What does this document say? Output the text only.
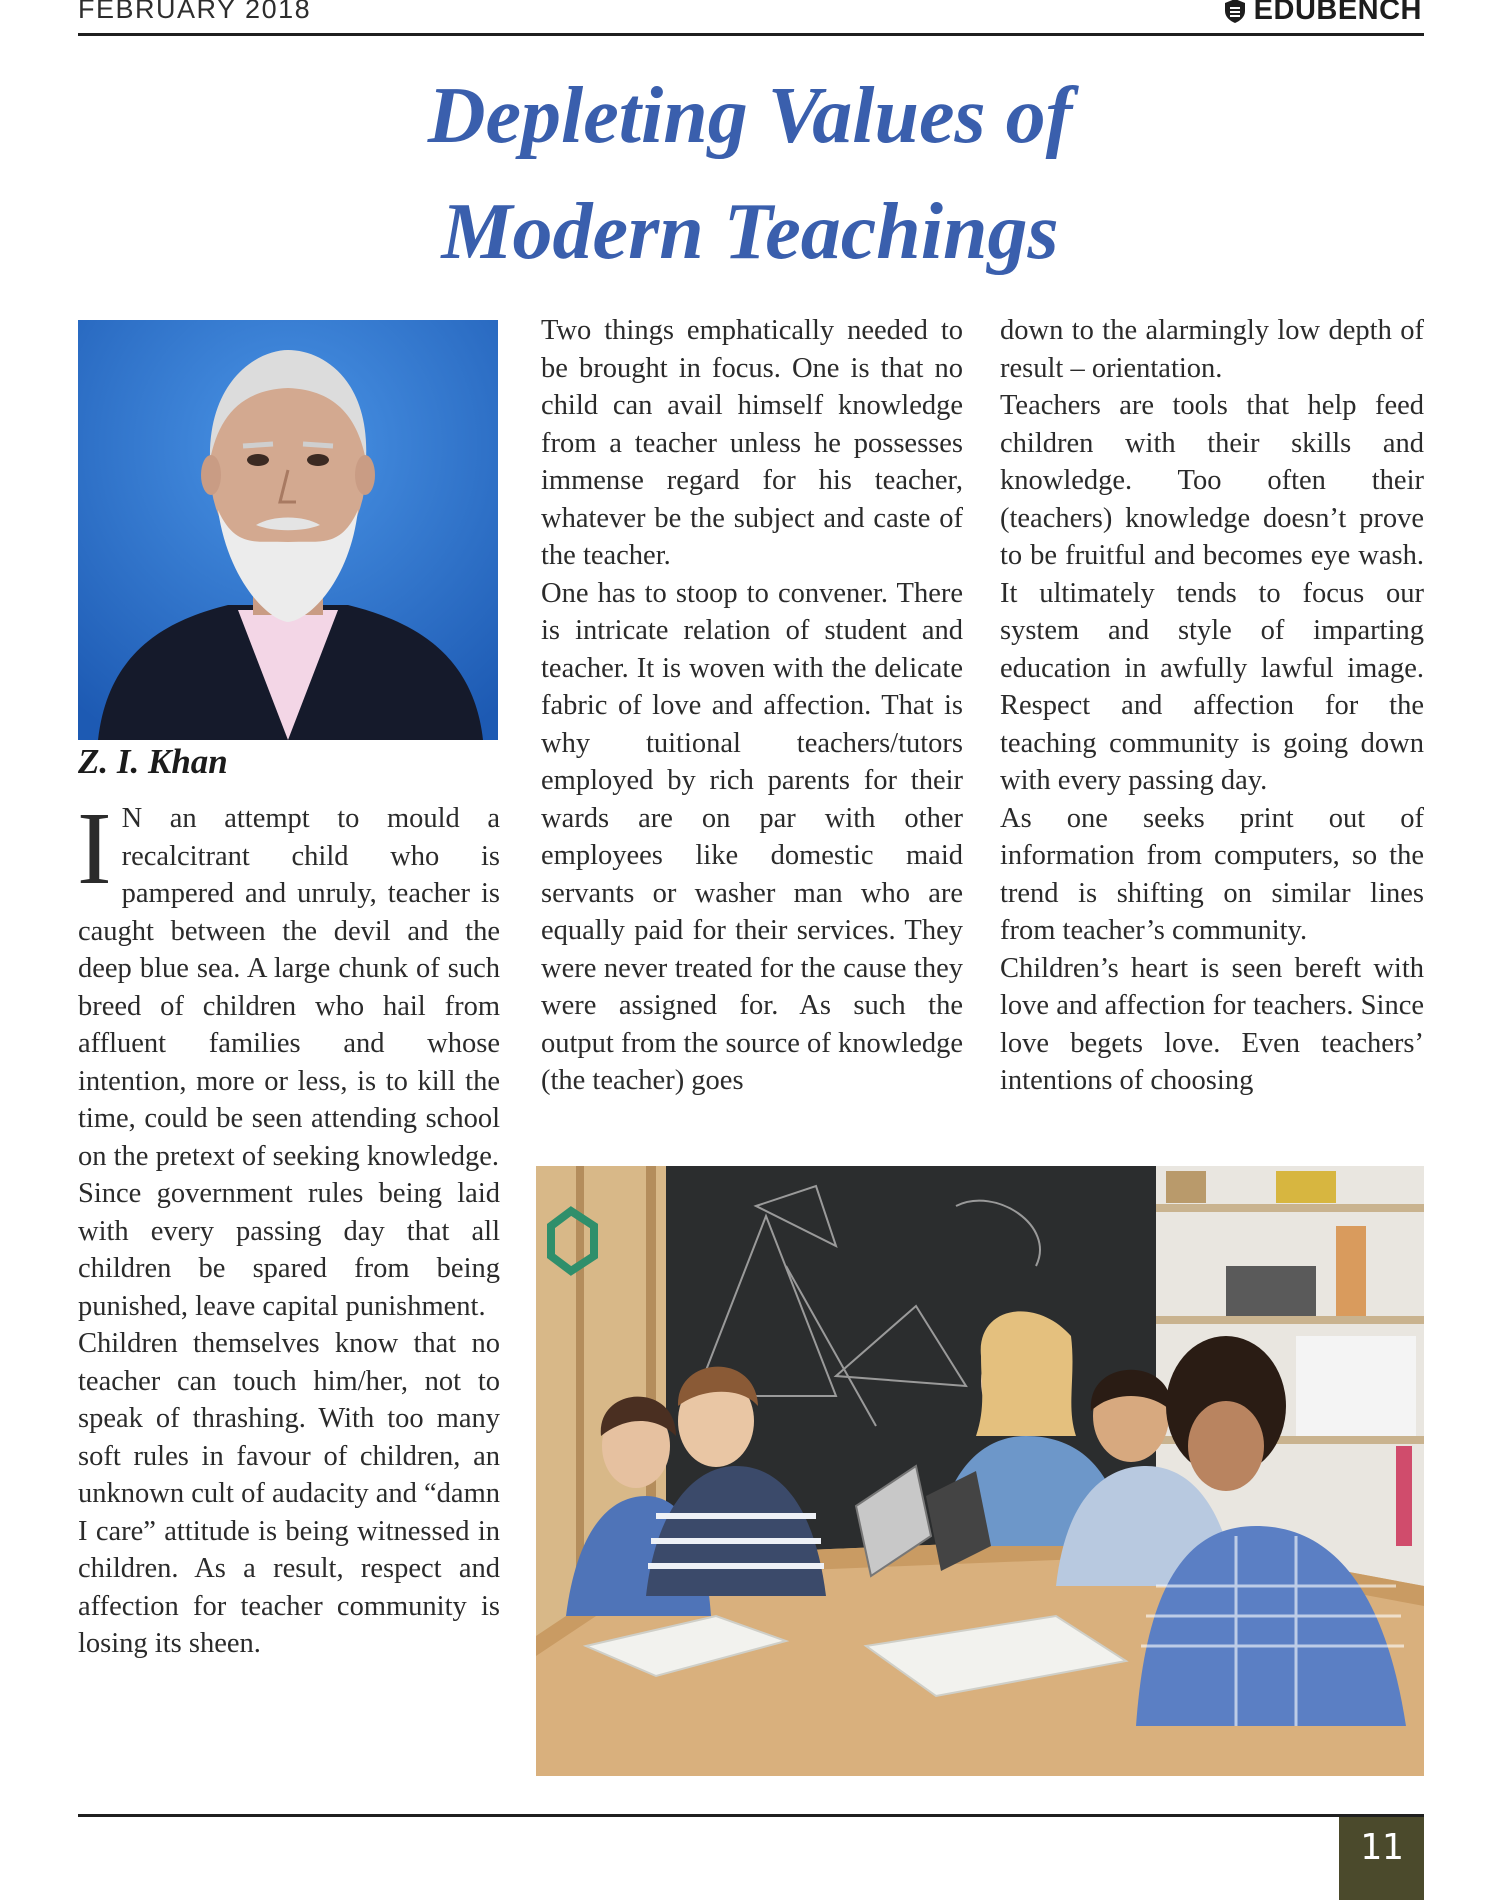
FEBRUARY 2018	EDUBENCH
Depleting Values of
Modern Teachings
Z. I. Khan

I N an attempt to mould a recalcitrant child who is pampered and unruly, teacher is caught between the devil and the deep blue sea. A large chunk of such breed of children who hail from affluent families and whose intention, more or less, is to kill the time, could be seen attending school on the pretext of seeking knowledge.

Since government rules being laid with every passing day that all children be spared from being punished, leave capital punishment.

Children themselves know that no teacher can touch him/her, not to speak of thrashing. With too many soft rules in favour of children, an unknown cult of audacity and “damn I care” attitude is being witnessed in children. As a result, respect and affection for teacher community is losing its sheen.

Two things emphatically needed to be brought in focus. One is that no child can avail himself knowledge from a teacher unless he possesses immense regard for his teacher, whatever be the subject and caste of the teacher.

One has to stoop to convener. There is intricate relation of student and teacher. It is woven with the delicate fabric of love and affection. That is why tuitional teachers/tutors employed by rich parents for their wards are on par with other employees like domestic maid servants or washer man who are equally paid for their services. They were never treated for the cause they were assigned for. As such the output from the source of knowledge (the teacher) goes

down to the alarmingly low depth of result – orientation.

Teachers are tools that help feed children with their skills and knowledge. Too often their (teachers) knowledge doesn’t prove to be fruitful and becomes eye wash. It ultimately tends to focus our system and style of imparting education in awfully lawful image. Respect and affection for the teaching community is going down with every passing day.

As one seeks print out of information from computers, so the trend is shifting on similar lines from teacher’s community.

Children’s heart is seen bereft with love and affection for teachers. Since love begets love. Even teachers’ intentions of choosing

11
